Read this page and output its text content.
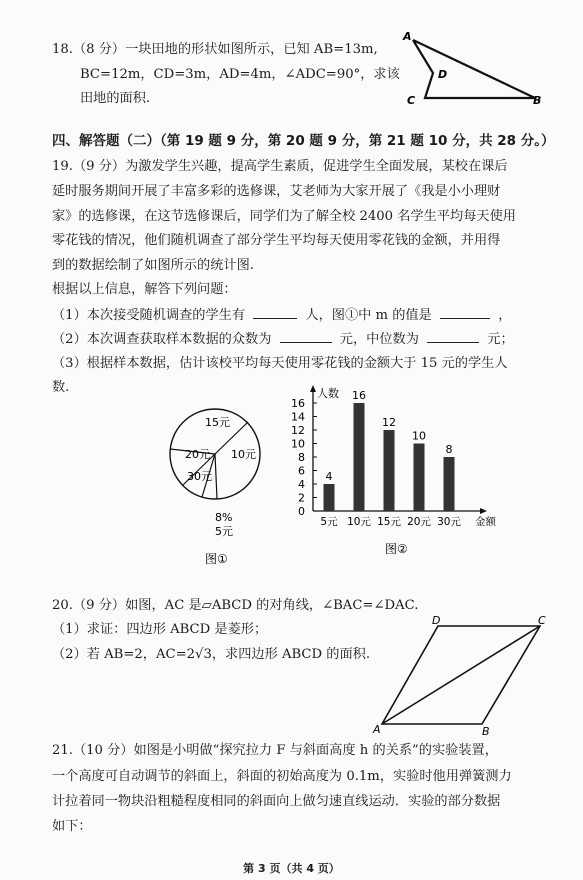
18.（8 分）一块田地的形状如图所示，已知 AB=13m,
BC=12m，CD=3m，AD=4m，∠ADC=90°，求该
田地的面积.
A
B
C
D
四、解答题（二）（第 19 题 9 分，第 20 题 9 分，第 21 题 10 分，共 28 分。）
19.（9 分）为激发学生兴趣，提高学生素质，促进学生全面发展，某校在课后
延时服务期间开展了丰富多彩的选修课，艾老师为大家开展了《我是小小理财
家》的选修课，在这节选修课后，同学们为了解全校 2400 名学生平均每天使用
零花钱的情况，他们随机调查了部分学生平均每天使用零花钱的金额，并用得
到的数据绘制了如图所示的统计图.
根据以上信息，解答下列问题：
（1）本次接受随机调查的学生有	人，图①中 m 的值是	，
（2）本次调查获取样本数据的众数为	元，中位数为	元；
（3）根据样本数据，估计该校平均每天使用零花钱的金额大于 15 元的学生人
数.
15元
20元 10元
30元
8%
5元
图①
人数
金额
0
2
4
6
8
10
12
14
16
4
5元
16
10元
12
15元
10
20元
8
30元
图②
20.（9 分）如图，AC 是▱ABCD 的对角线，∠BAC=∠DAC.
（1）求证：四边形 ABCD 是菱形；
（2）若 AB=2，AC=2√3，求四边形 ABCD 的面积.
A	B
C
D
21.（10 分）如图是小明做“探究拉力 F 与斜面高度 h 的关系”的实验装置，
一个高度可自动调节的斜面上，斜面的初始高度为 0.1m，实验时他用弹簧测力
计拉着同一物块沿粗糙程度相同的斜面向上做匀速直线运动．实验的部分数据
如下：
第 3 页（共 4 页）
